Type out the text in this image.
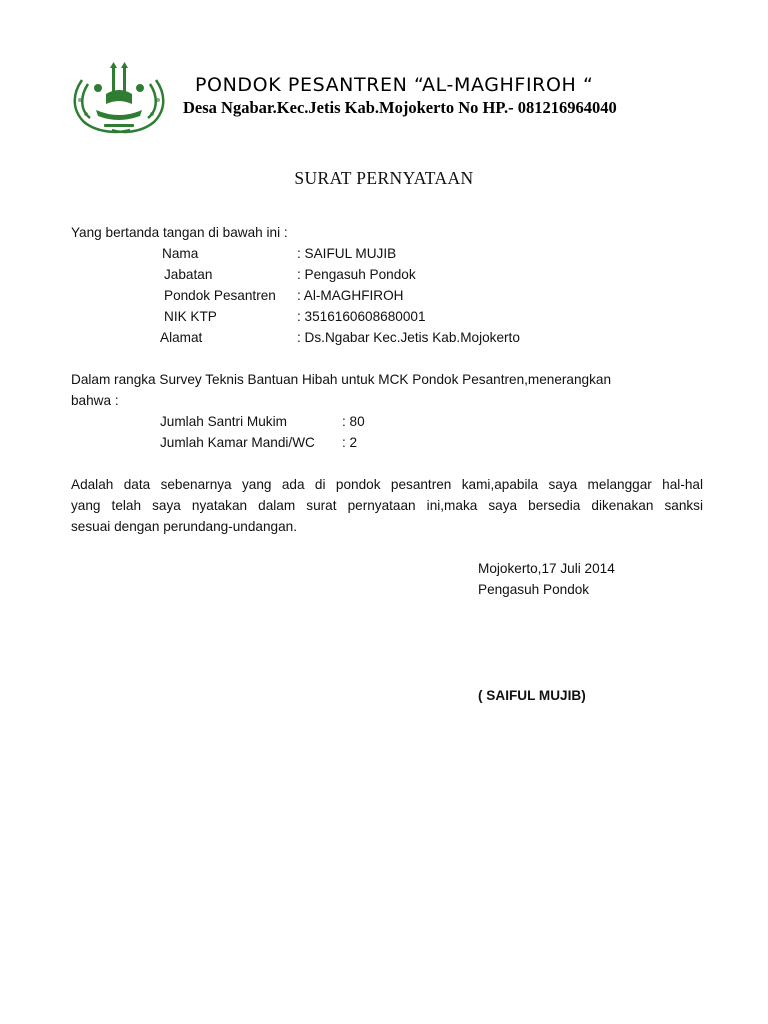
PONDOK PESANTREN “AL-MAGHFIROH “
Desa Ngabar.Kec.Jetis Kab.Mojokerto No HP.- 081216964040
SURAT PERNYATAAN
Yang bertanda tangan di bawah ini :
Nama	: SAIFUL MUJIB
Jabatan	: Pengasuh Pondok
Pondok Pesantren : Al-MAGHFIROH
NIK KTP	: 3516160608680001
Alamat	: Ds.Ngabar Kec.Jetis Kab.Mojokerto
Dalam rangka Survey Teknis Bantuan Hibah untuk MCK Pondok Pesantren,menerangkan
bahwa :
Jumlah Santri Mukim	: 80
Jumlah Kamar Mandi/WC : 2
Adalah data sebenarnya yang ada di pondok pesantren kami,apabila saya melanggar hal-hal
yang telah saya nyatakan dalam surat pernyataan ini,maka saya bersedia dikenakan sanksi
sesuai dengan perundang-undangan.
Mojokerto,17 Juli 2014
Pengasuh Pondok
( SAIFUL MUJIB)
